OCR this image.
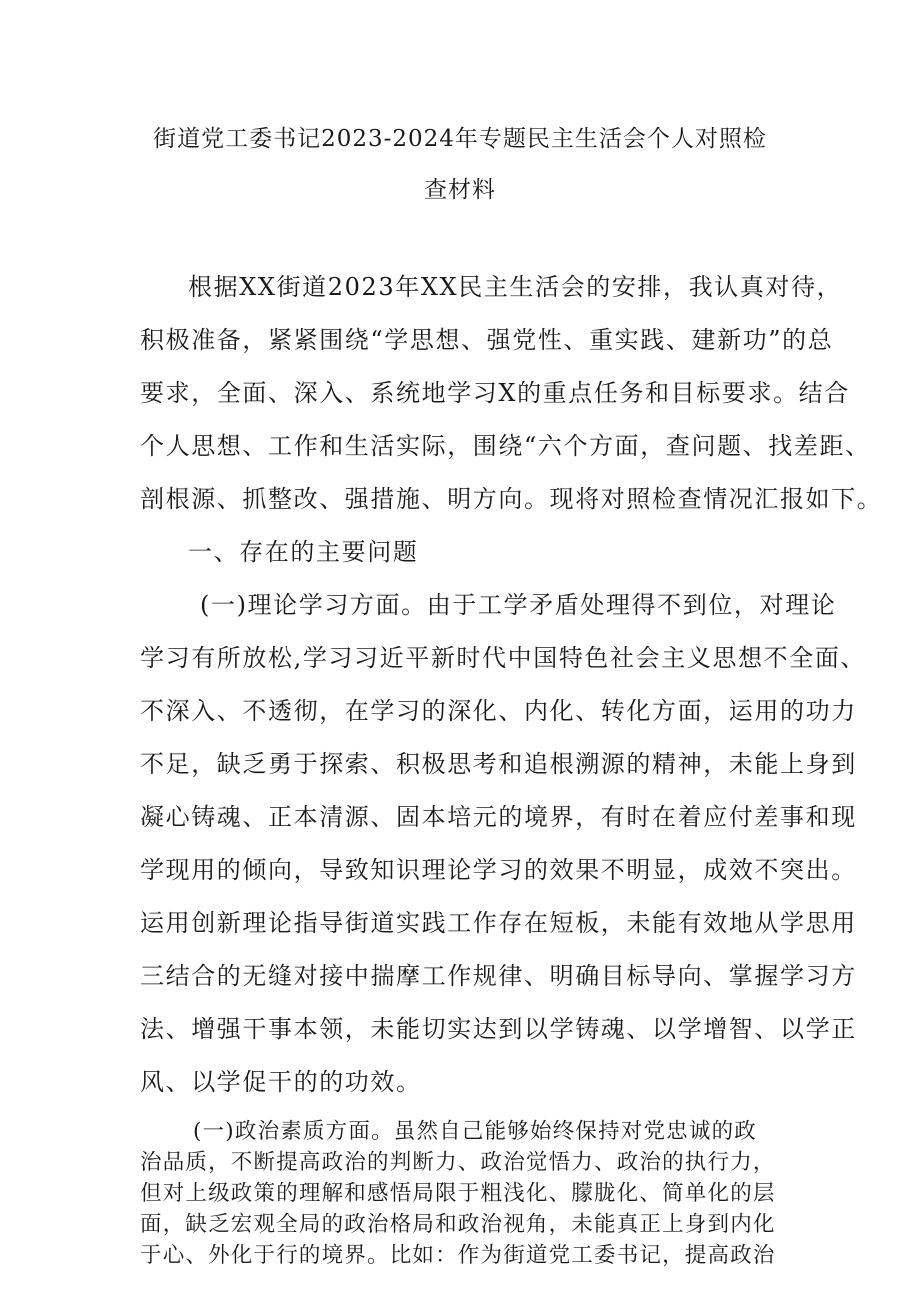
街道党工委书记2023-2024年专题民主生活会个人对照检
查材料
根据XX街道2023年XX民主生活会的安排，我认真对待，
积极准备，紧紧围绕“学思想、强党性、重实践、建新功”的总
要求，全面、深入、系统地学习X的重点任务和目标要求。结合
个人思想、工作和生活实际，围绕“六个方面，查问题、找差距、
剖根源、抓整改、强措施、明方向。现将对照检查情况汇报如下。
一、存在的主要问题
(一)理论学习方面。由于工学矛盾处理得不到位，对理论
学习有所放松,学习习近平新时代中国特色社会主义思想不全面、
不深入、不透彻，在学习的深化、内化、转化方面，运用的功力
不足，缺乏勇于探索、积极思考和追根溯源的精神，未能上身到
凝心铸魂、正本清源、固本培元的境界，有时在着应付差事和现
学现用的倾向，导致知识理论学习的效果不明显，成效不突出。
运用创新理论指导街道实践工作存在短板，未能有效地从学思用
三结合的无缝对接中揣摩工作规律、明确目标导向、掌握学习方
法、增强干事本领，未能切实达到以学铸魂、以学增智、以学正
风、以学促干的的功效。
(一)政治素质方面。虽然自己能够始终保持对党忠诚的政
治品质，不断提高政治的判断力、政治觉悟力、政治的执行力，
但对上级政策的理解和感悟局限于粗浅化、朦胧化、简单化的层
面，缺乏宏观全局的政治格局和政治视角，未能真正上身到内化
于心、外化于行的境界。比如：作为街道党工委书记，提高政治
